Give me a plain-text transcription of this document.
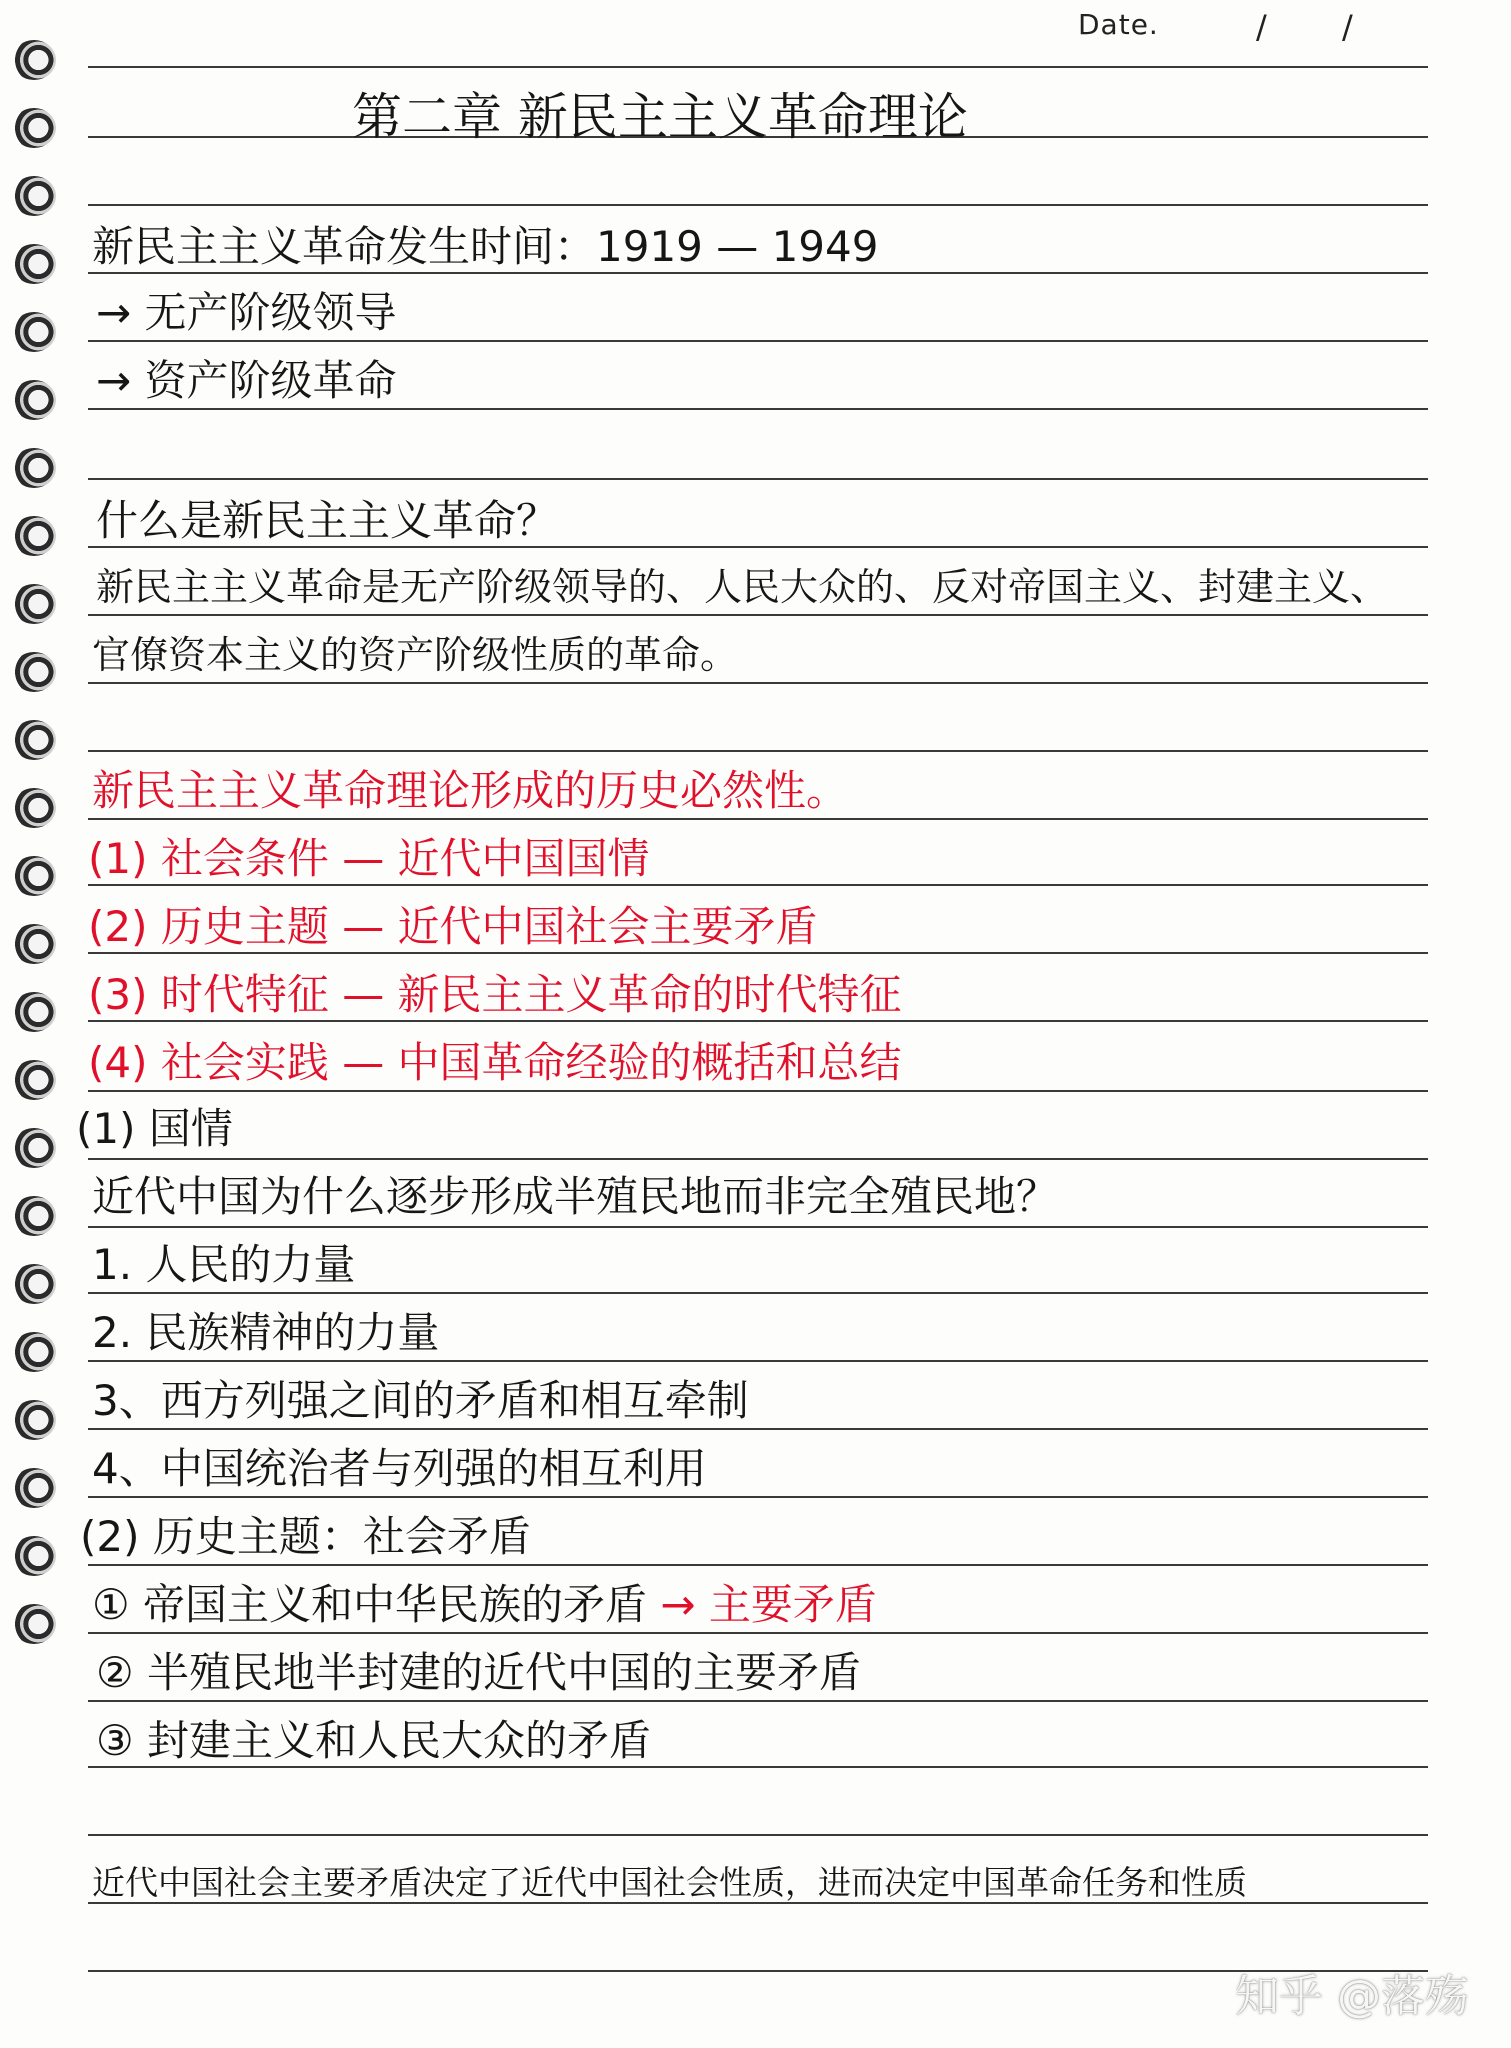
Date.	/ /
第二章 新民主主义革命理论
新民主主义革命发生时间：1919 — 1949
→ 无产阶级领导
→ 资产阶级革命
什么是新民主主义革命？
新民主主义革命是无产阶级领导的、人民大众的、反对帝国主义、封建主义、
官僚资本主义的资产阶级性质的革命。
新民主主义革命理论形成的历史必然性。
(1) 社会条件 — 近代中国国情
(2) 历史主题 — 近代中国社会主要矛盾
(3) 时代特征 — 新民主主义革命的时代特征
(4) 社会实践 — 中国革命经验的概括和总结
(1) 国情
近代中国为什么逐步形成半殖民地而非完全殖民地？
1. 人民的力量
2. 民族精神的力量
3、西方列强之间的矛盾和相互牵制
4、中国统治者与列强的相互利用
(2) 历史主题：社会矛盾
① 帝国主义和中华民族的矛盾 → 主要矛盾
② 半殖民地半封建的近代中国的主要矛盾
③ 封建主义和人民大众的矛盾
近代中国社会主要矛盾决定了近代中国社会性质，进而决定中国革命任务和性质
知乎 @落殇
